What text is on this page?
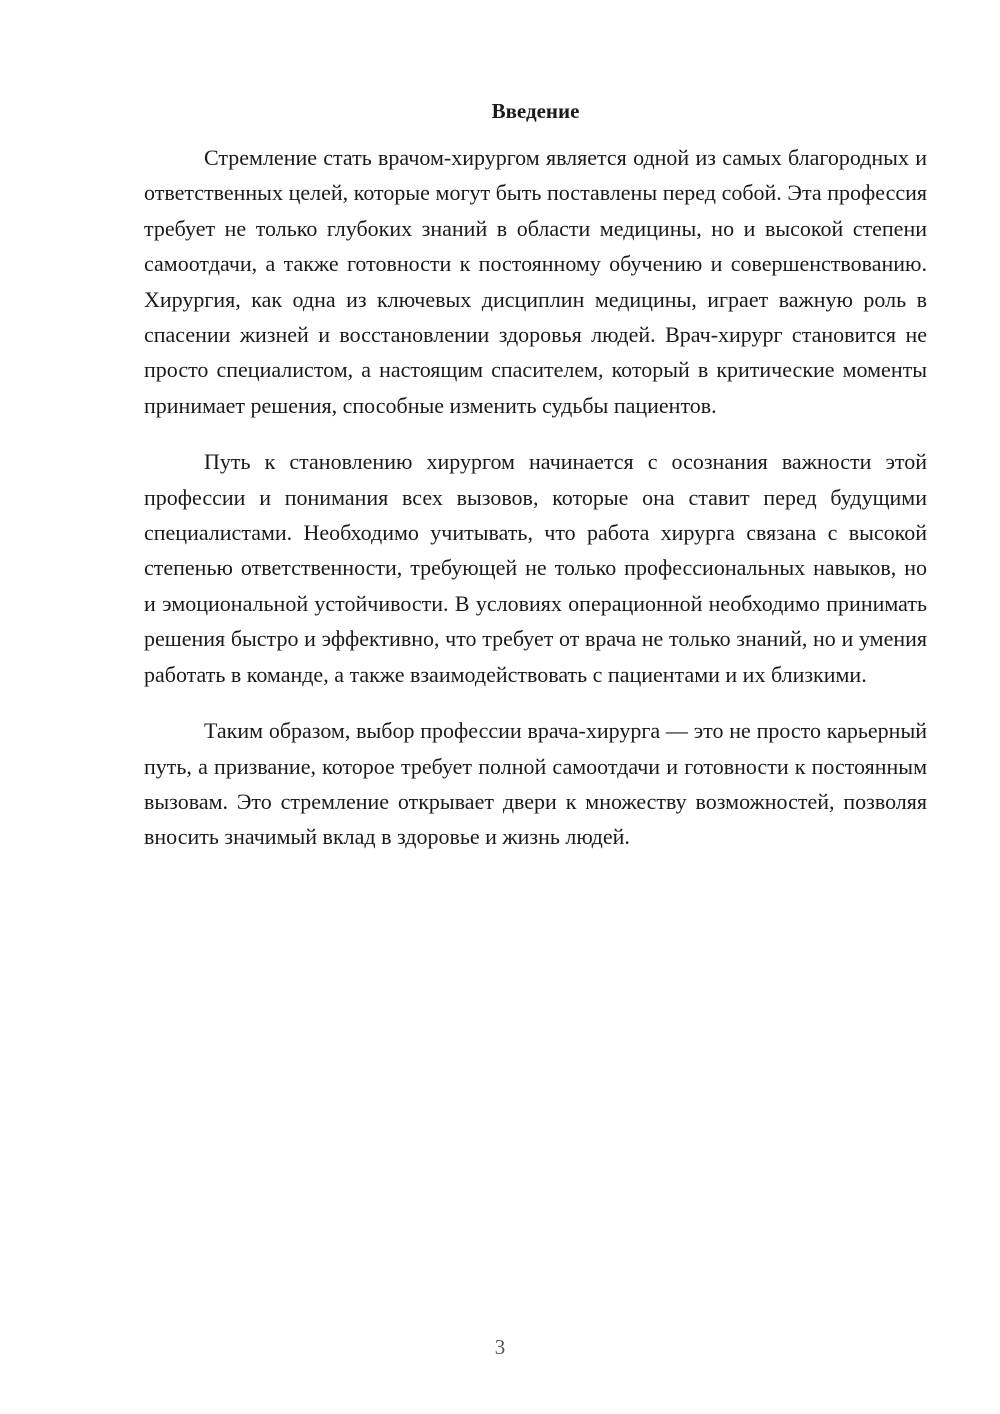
Введение

Стремление стать врачом-хирургом является одной из самых благородных и ответственных целей, которые могут быть поставлены перед собой. Эта профессия требует не только глубоких знаний в области медицины, но и высокой степени самоотдачи, а также готовности к постоянному обучению и совершенствованию. Хирургия, как одна из ключевых дисциплин медицины, играет важную роль в спасении жизней и восстановлении здоровья людей. Врач-хирург становится не просто специалистом, а настоящим спасителем, который в критические моменты принимает решения, способные изменить судьбы пациентов.

Путь к становлению хирургом начинается с осознания важности этой профессии и понимания всех вызовов, которые она ставит перед будущими специалистами. Необходимо учитывать, что работа хирурга связана с высокой степенью ответственности, требующей не только профессиональных навыков, но и эмоциональной устойчивости. В условиях операционной необходимо принимать решения быстро и эффективно, что требует от врача не только знаний, но и умения работать в команде, а также взаимодействовать с пациентами и их близкими.

Таким образом, выбор профессии врача-хирурга — это не просто карьерный путь, а призвание, которое требует полной самоотдачи и готовности к постоянным вызовам. Это стремление открывает двери к множеству возможностей, позволяя вносить значимый вклад в здоровье и жизнь людей.

3
